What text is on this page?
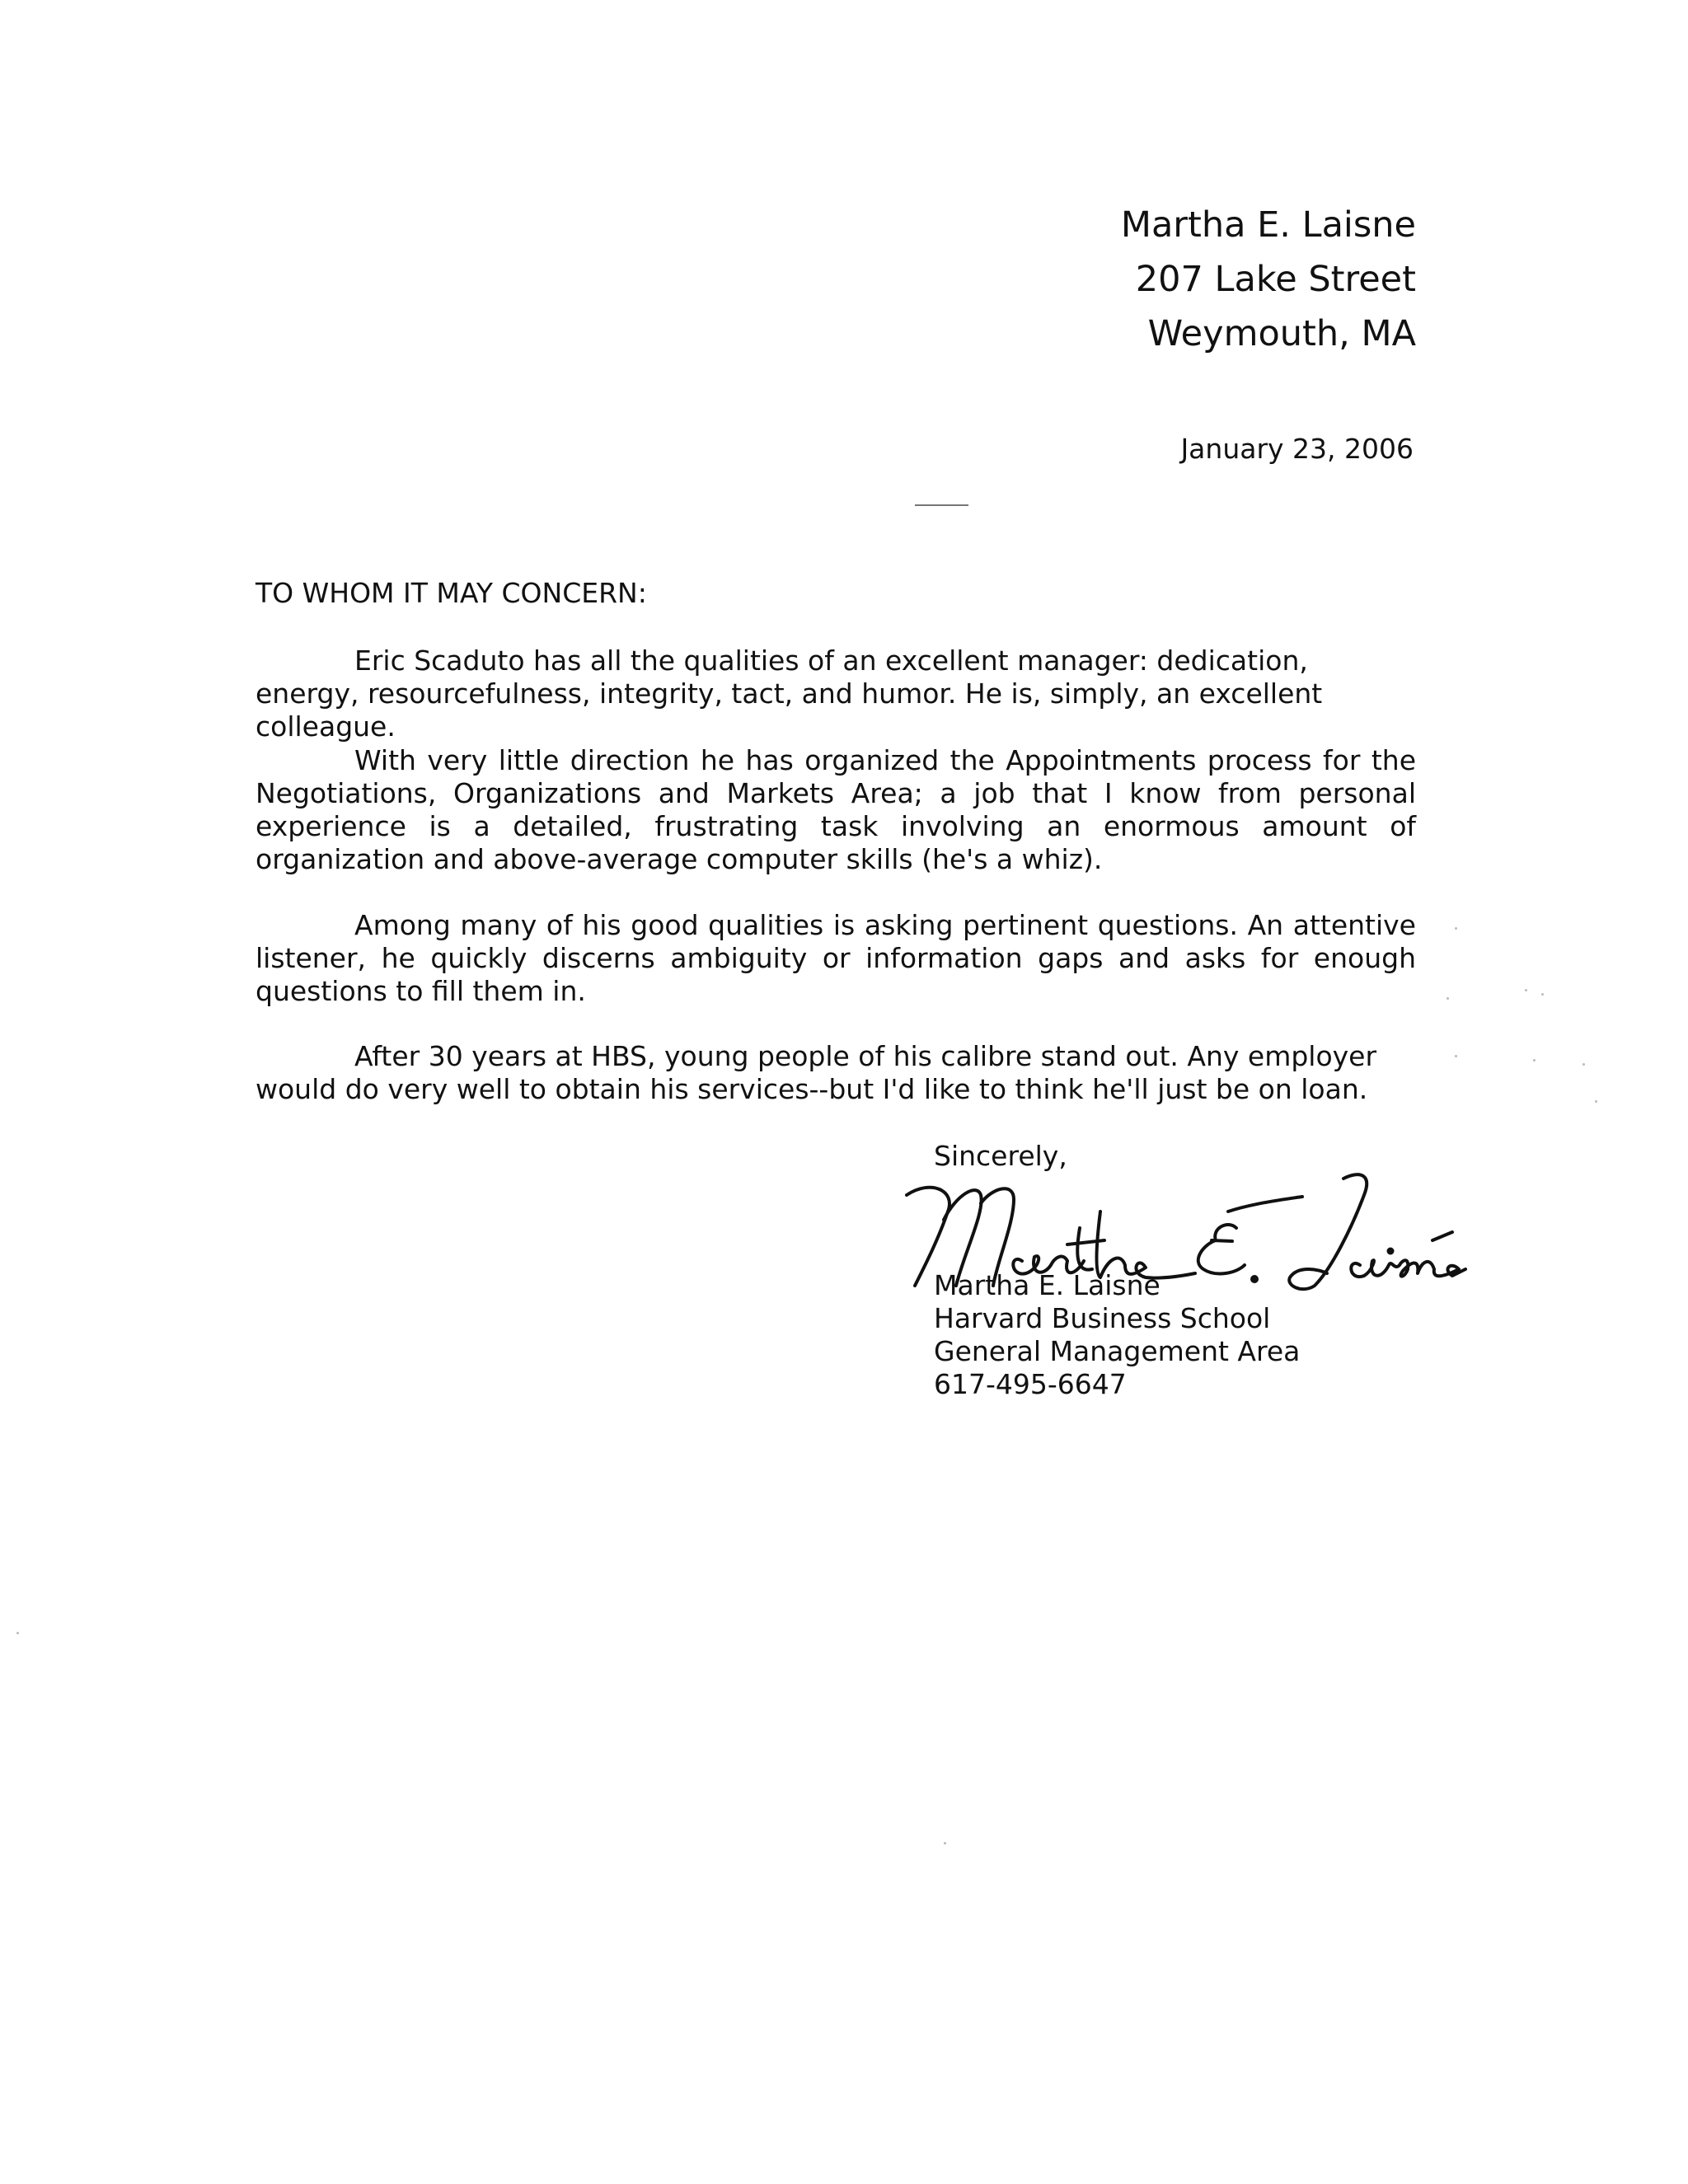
Martha E. Laisne
207 Lake Street
Weymouth, MA
January 23, 2006
TO WHOM IT MAY CONCERN:

Eric Scaduto has all the qualities of an excellent manager: dedication, energy, resourcefulness, integrity, tact, and humor. He is, simply, an excellent colleague.

With very little direction he has organized the Appointments process for the Negotiations, Organizations and Markets Area; a job that I know from personal experience is a detailed, frustrating task involving an enormous amount of organization and above-average computer skills (he's a whiz).

Among many of his good qualities is asking pertinent questions. An attentive listener, he quickly discerns ambiguity or information gaps and asks for enough questions to fill them in.

After 30 years at HBS, young people of his calibre stand out. Any employer would do very well to obtain his services--but I'd like to think he'll just be on loan.

Sincerely,
Martha E. Laisne
Harvard Business School
General Management Area
617-495-6647
